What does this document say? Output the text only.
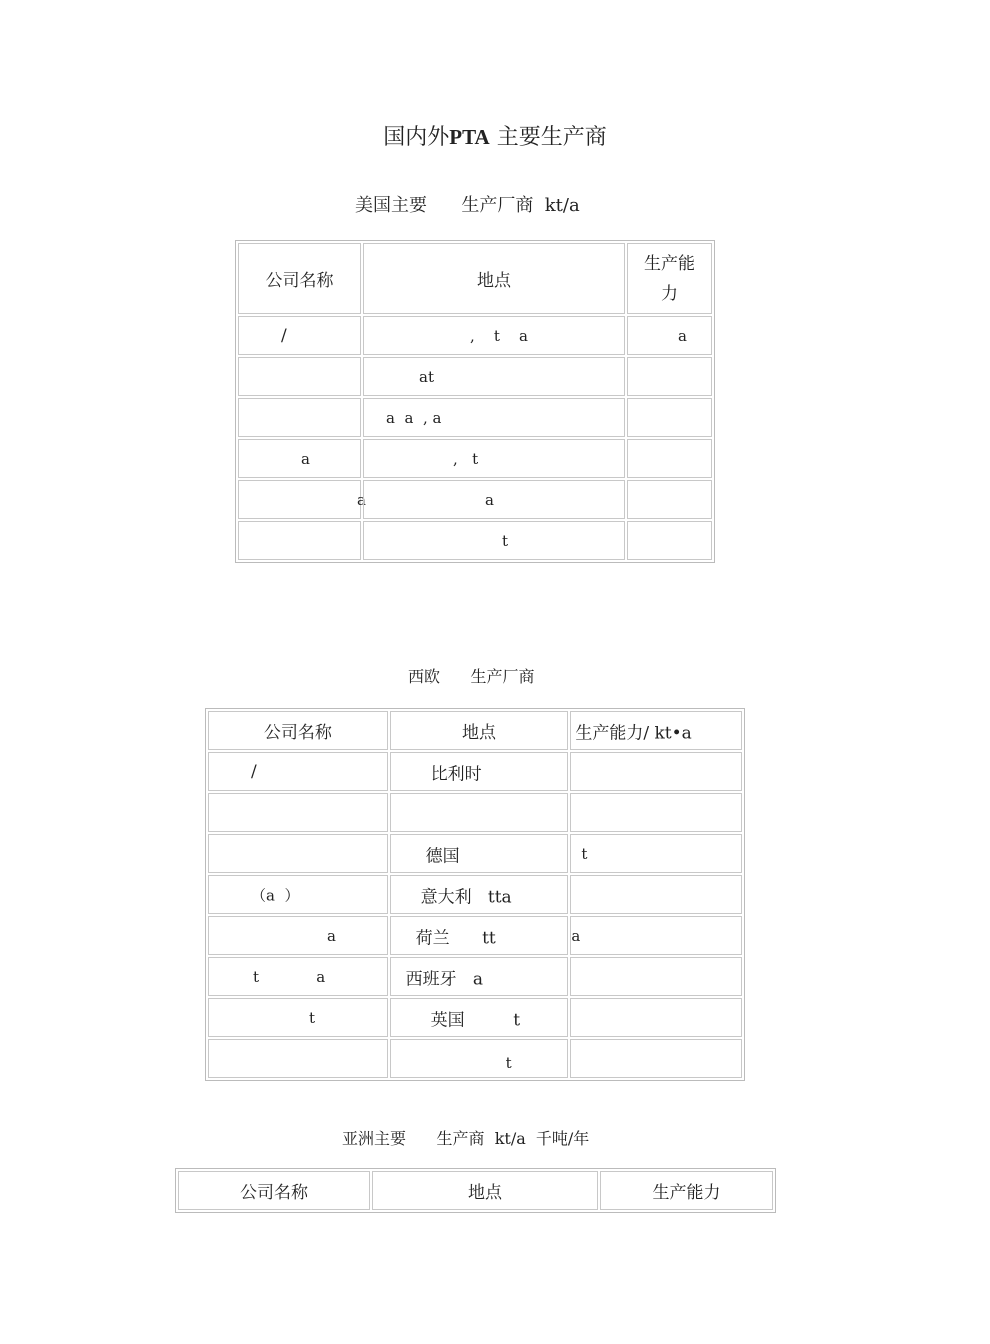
国内外PTA 主要生产商
美国主要      生产厂商  kt/a
公司名称	地点	生产能力

/	,    t    a	a

	at	

	a  a  , a	

a	,   t	

a	a	

	t	

西欧      生产厂商
公司名称	地点	生产能力/ kt•a

/	比利时	

	德国	t

（a  ）	意大利   tta	

a	荷兰      tt	a

t            a	西班牙   a	

t	英国         t	

	t	

亚洲主要      生产商  kt/a  千吨/年
公司名称	地点	生产能力
